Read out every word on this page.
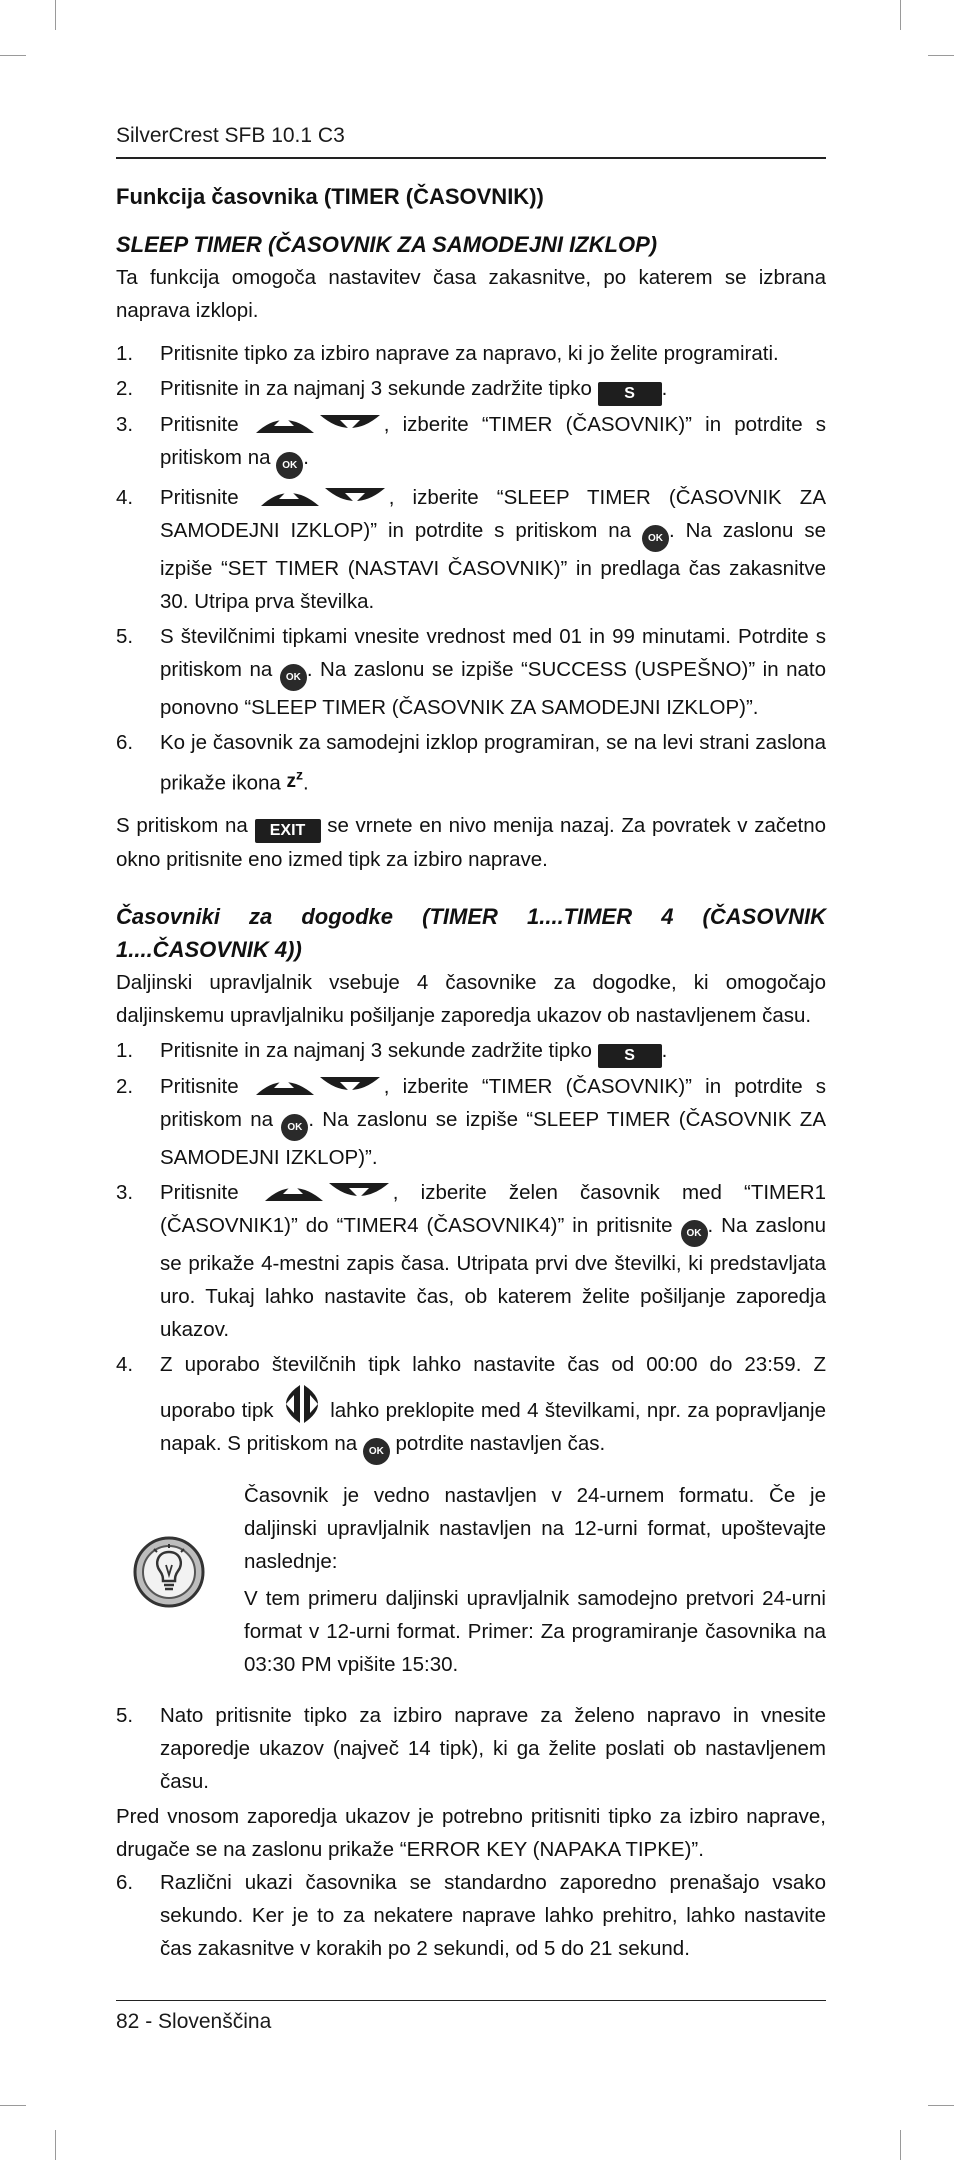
SilverCrest SFB 10.1 C3
Funkcija časovnika (TIMER (ČASOVNIK))
SLEEP TIMER (ČASOVNIK ZA SAMODEJNI IZKLOP)

Ta funkcija omogoča nastavitev časa zakasnitve, po katerem se izbrana naprava izklopi.

1. Pritisnite tipko za izbiro naprave za napravo, ki jo želite programirati.
2. Pritisnite in za najmanj 3 sekunde zadržite tipko S .
3. Pritisnite	, izberite “TIMER (ČASOVNIK)” in potrdite s pritiskom na OK .
4. Pritisnite	, izberite “SLEEP TIMER (ČASOVNIK ZA SAMODEJNI IZKLOP)” in potrdite s pritiskom na OK . Na zaslonu se izpiše “SET TIMER (NASTAVI ČASOVNIK)” in predlaga čas zakasnitve 30. Utripa prva številka.
5. S številčnimi tipkami vnesite vrednost med 01 in 99 minutami. Potrdite s pritiskom na OK . Na zaslonu se izpiše “SUCCESS (USPEŠNO)” in nato ponovno “SLEEP TIMER (ČASOVNIK ZA SAMODEJNI IZKLOP)”.
6. Ko je časovnik za samodejni izklop programiran, se na levi strani zaslona prikaže ikona $z^z$.

S pritiskom na EXIT se vrnete en nivo menija nazaj. Za povratek v začetno okno pritisnite eno izmed tipk za izbiro naprave.

Časovniki za dogodke (TIMER 1....TIMER 4 (ČASOVNIK 1....ČASOVNIK 4))

Daljinski upravljalnik vsebuje 4 časovnike za dogodke, ki omogočajo daljinskemu upravljalniku pošiljanje zaporedja ukazov ob nastavljenem času.

1. Pritisnite in za najmanj 3 sekunde zadržite tipko S .
2. Pritisnite	, izberite “TIMER (ČASOVNIK)” in potrdite s pritiskom na OK . Na zaslonu se izpiše “SLEEP TIMER (ČASOVNIK ZA SAMODEJNI IZKLOP)”.
3. Pritisnite	, izberite želen časovnik med “TIMER1 (ČASOVNIK1)” do “TIMER4 (ČASOVNIK4)” in pritisnite OK . Na zaslonu se prikaže 4-mestni zapis časa. Utripata prvi dve številki, ki predstavljata uro. Tukaj lahko nastavite čas, ob katerem želite pošiljanje zaporedja ukazov.
4. Z uporabo številčnih tipk lahko nastavite čas od 00:00 do 23:59. Z uporabo tipk	lahko preklopite med 4 številkami, npr. za popravljanje napak. S pritiskom na OK potrdite nastavljen čas.

Časovnik je vedno nastavljen v 24-urnem formatu. Če je daljinski upravljalnik nastavljen na 12-urni format, upoštevajte naslednje:

V tem primeru daljinski upravljalnik samodejno pretvori 24-urni format v 12-urni format. Primer: Za programiranje časovnika na 03:30 PM vpišite 15:30.

5. Nato pritisnite tipko za izbiro naprave za želeno napravo in vnesite zaporedje ukazov (največ 14 tipk), ki ga želite poslati ob nastavljenem času.

Pred vnosom zaporedja ukazov je potrebno pritisniti tipko za izbiro naprave, drugače se na zaslonu prikaže “ERROR KEY (NAPAKA TIPKE)”.

6. Različni ukazi časovnika se standardno zaporedno prenašajo vsako sekundo. Ker je to za nekatere naprave lahko prehitro, lahko nastavite čas zakasnitve v korakih po 2 sekundi, od 5 do 21 sekund.
82 - Slovenščina
